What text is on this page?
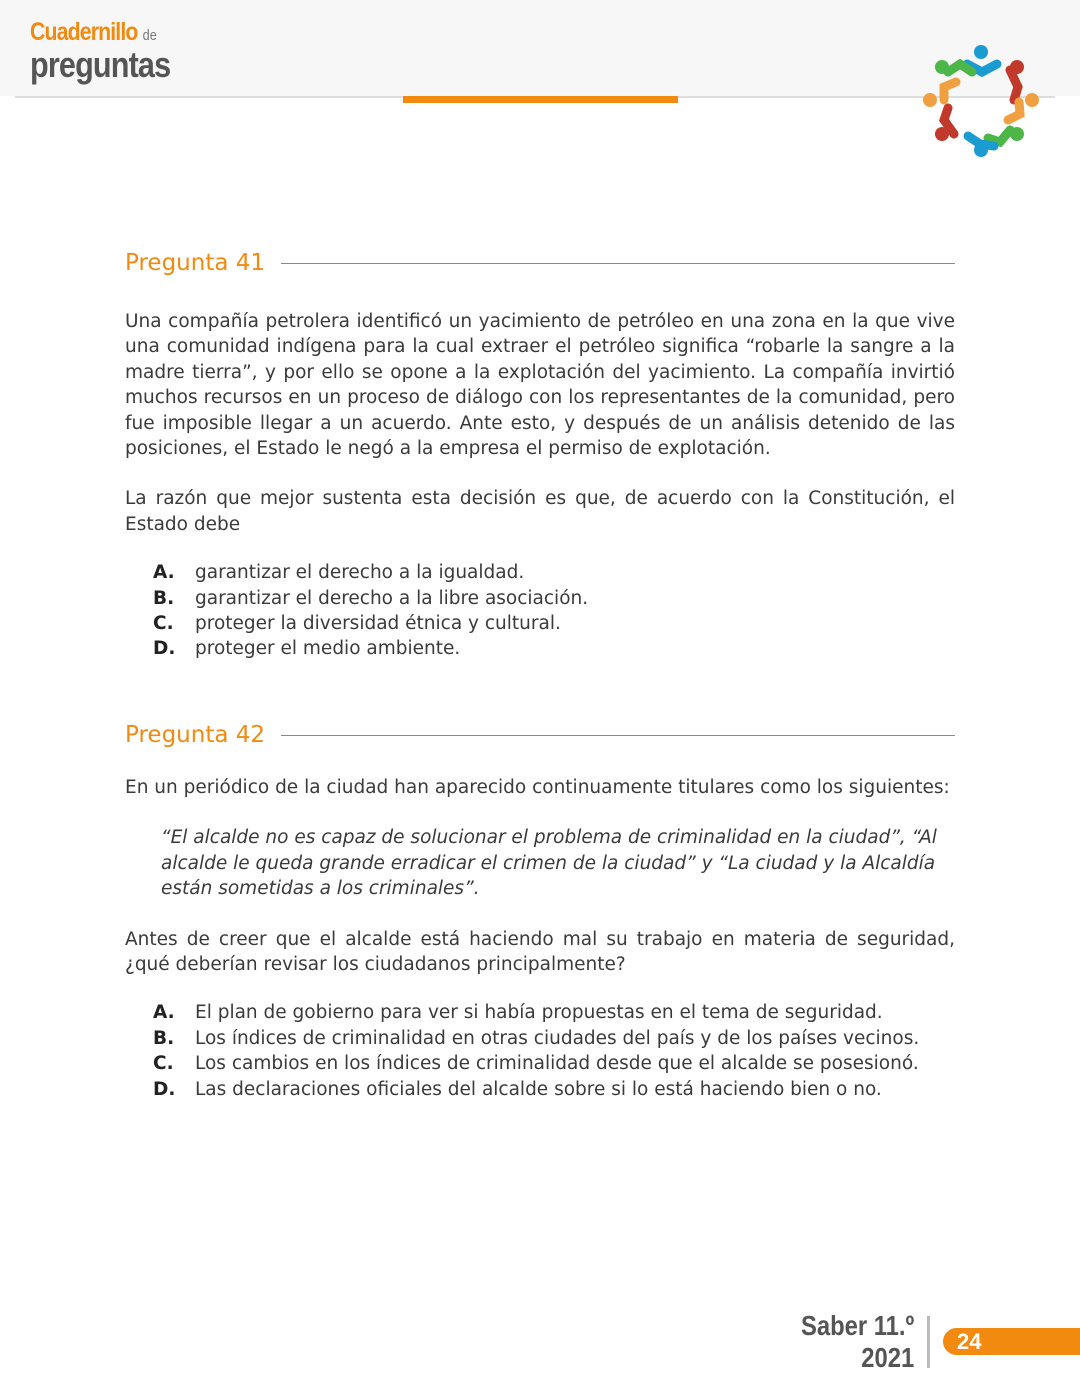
Cuadernillo de
preguntas
Pregunta 41

Una compañía petrolera identificó un yacimiento de petróleo en una zona en la que vive una comunidad indígena para la cual extraer el petróleo significa “robarle la sangre a la madre tierra”, y por ello se opone a la explotación del yacimiento. La compañía invirtió muchos recursos en un proceso de diálogo con los representantes de la comunidad, pero fue imposible llegar a un acuerdo. Ante esto, y después de un análisis detenido de las posiciones, el Estado le negó a la empresa el permiso de explotación.

La razón que mejor sustenta esta decisión es que, de acuerdo con la Constitución, el Estado debe

A.	garantizar el derecho a la igualdad.
B.	garantizar el derecho a la libre asociación.
C.	proteger la diversidad étnica y cultural.
D.	proteger el medio ambiente.
Pregunta 42

En un periódico de la ciudad han aparecido continuamente titulares como los siguientes:

“El alcalde no es capaz de solucionar el problema de criminalidad en la ciudad”, “Al alcalde le queda grande erradicar el crimen de la ciudad” y “La ciudad y la Alcaldía están sometidas a los criminales”.

Antes de creer que el alcalde está haciendo mal su trabajo en materia de seguridad, ¿qué deberían revisar los ciudadanos principalmente?

A.	El plan de gobierno para ver si había propuestas en el tema de seguridad.
B.	Los índices de criminalidad en otras ciudades del país y de los países vecinos.
C.	Los cambios en los índices de criminalidad desde que el alcalde se posesionó.
D.	Las declaraciones oficiales del alcalde sobre si lo está haciendo bien o no.
Saber 11.º
2021
24
